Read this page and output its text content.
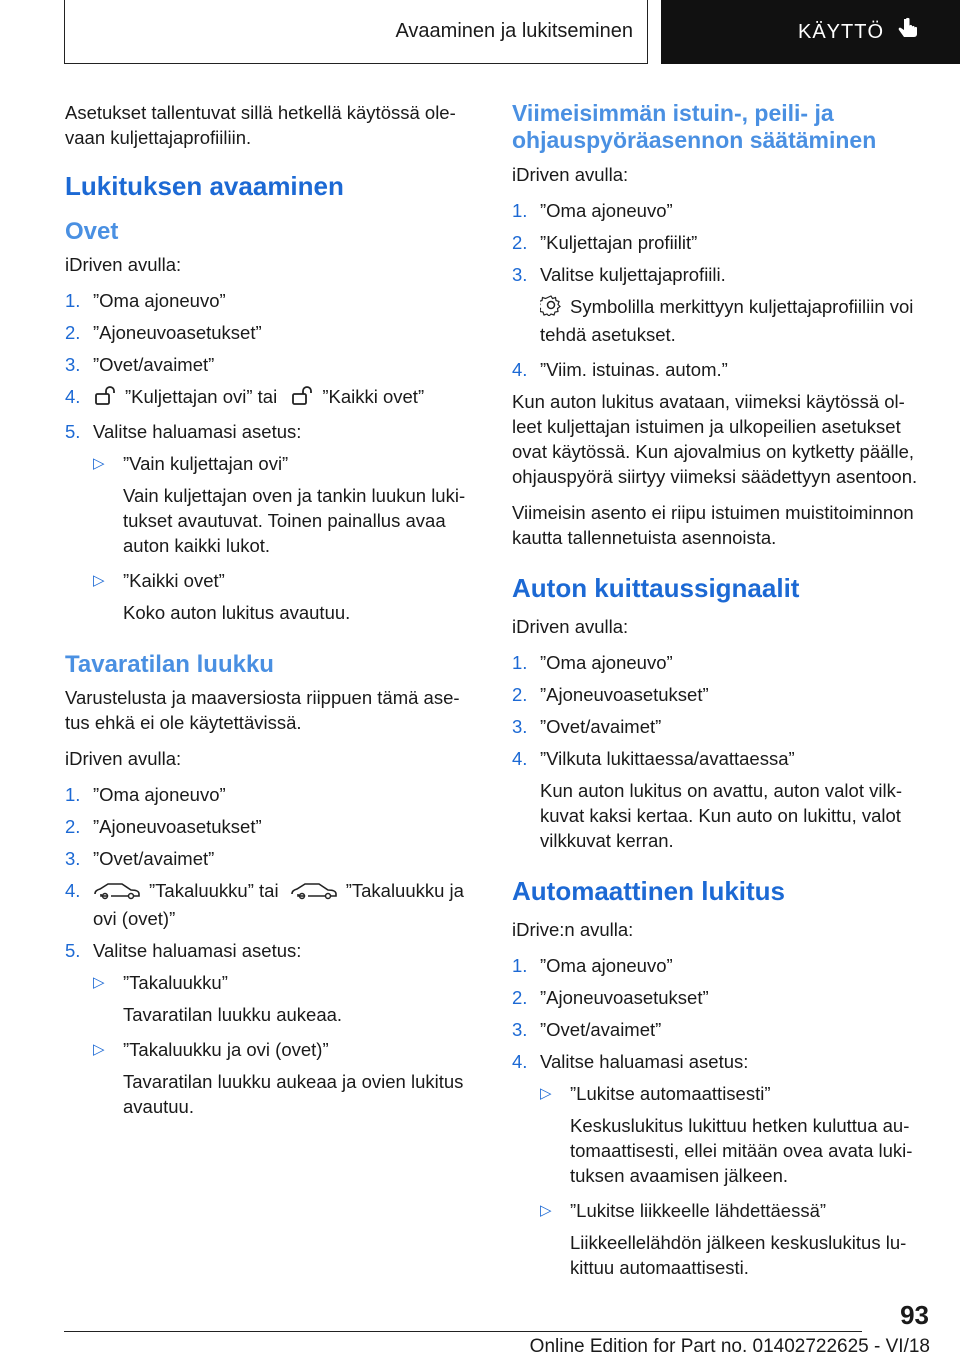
Avaaminen ja lukitseminen	KÄYTTÖ

Asetukset tallentuvat sillä hetkellä käytössä ole-vaan kuljettajaprofiiliin.

Lukituksen avaaminen
Ovet

iDriven avulla:

1. ”Oma ajoneuvo”
2. ”Ajoneuvoasetukset”
3. ”Ovet/avaimet”
4.	”Kuljettajan ovi” tai ”Kaikki ovet”
5. Valitse haluamasi asetus:
▷ ”Vain kuljettajan ovi”
Vain kuljettajan oven ja tankin luukun luki-tukset avautuvat. Toinen painallus avaa auton kaikki lukot.
▷ ”Kaikki ovet”
Koko auton lukitus avautuu.
Tavaratilan luukku

Varustelusta ja maaversiosta riippuen tämä ase-tus ehkä ei ole käytettävissä.

iDriven avulla:

1. ”Oma ajoneuvo”
2. ”Ajoneuvoasetukset”
3. ”Ovet/avaimet”
4.	”Takaluukku” tai	”Takaluukku ja ovi (ovet)”
5. Valitse haluamasi asetus:
▷ ”Takaluukku”
Tavaratilan luukku aukeaa.
▷ ”Takaluukku ja ovi (ovet)”
Tavaratilan luukku aukeaa ja ovien lukitus avautuu.
Viimeisimmän istuin-, peili- ja ohjauspyöräasennon säätäminen

iDriven avulla:

1. ”Oma ajoneuvo”
2. ”Kuljettajan profiilit”
3. Valitse kuljettajaprofiili.
Symbolilla merkittyyn kuljettajaprofiiliin voi tehdä asetukset.
4. ”Viim. istuinas. autom.”

Kun auton lukitus avataan, viimeksi käytössä ol-leet kuljettajan istuimen ja ulkopeilien asetukset ovat käytössä. Kun ajovalmius on kytketty päälle, ohjauspyörä siirtyy viimeksi säädettyyn asentoon.

Viimeisin asento ei riipu istuimen muistitoiminnon kautta tallennetuista asennoista.

Auton kuittaussignaalit

iDriven avulla:

1. ”Oma ajoneuvo”
2. ”Ajoneuvoasetukset”
3. ”Ovet/avaimet”
4. ”Vilkuta lukittaessa/avattaessa”
Kun auton lukitus on avattu, auton valot vilk-kuvat kaksi kertaa. Kun auto on lukittu, valot vilkkuvat kerran.
Automaattinen lukitus

iDrive:n avulla:

1. ”Oma ajoneuvo”
2. ”Ajoneuvoasetukset”
3. ”Ovet/avaimet”
4. Valitse haluamasi asetus:
▷ ”Lukitse automaattisesti”
Keskuslukitus lukittuu hetken kuluttua au-tomaattisesti, ellei mitään ovea avata luki-tuksen avaamisen jälkeen.
▷ ”Lukitse liikkeelle lähdettäessä”
Liikkeellelähdön jälkeen keskuslukitus lu-kittuu automaattisesti.
93
Online Edition for Part no. 01402722625 - VI/18
